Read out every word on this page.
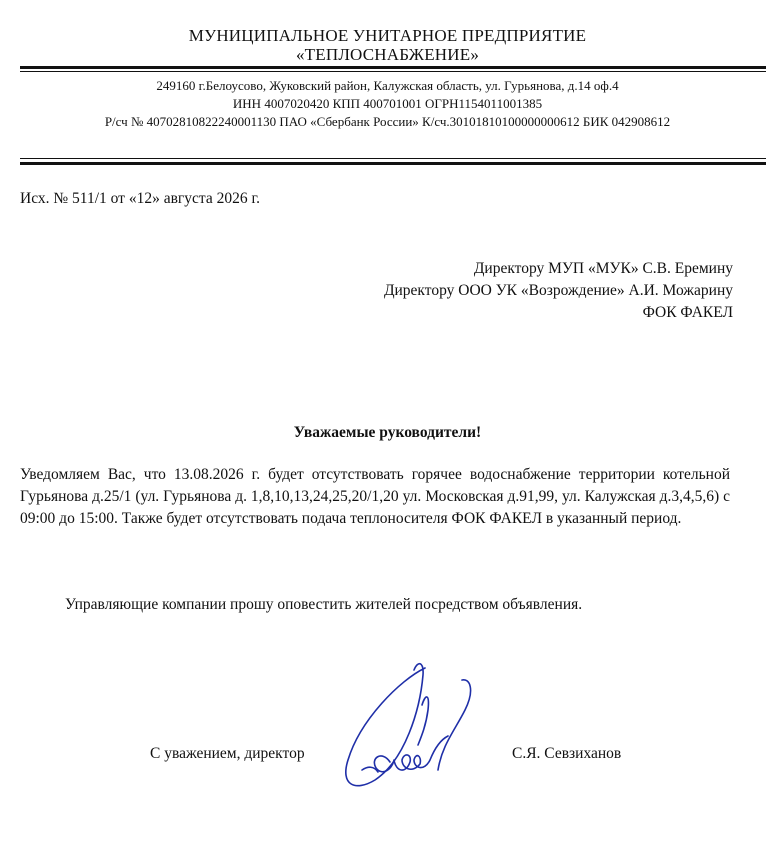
МУНИЦИПАЛЬНОЕ УНИТАРНОЕ ПРЕДПРИЯТИЕ
«ТЕПЛОСНАБЖЕНИЕ»
249160 г.Белоусово, Жуковский район, Калужская область, ул. Гурьянова, д.14 оф.4
ИНН 4007020420 КПП 400701001 ОГРН1154011001385
Р/сч № 40702810822240001130 ПАО «Сбербанк России» К/сч.30101810100000000612 БИК 042908612
Исх. № 511/1 от «12» августа 2026 г.
Директору МУП «МУК» С.В. Еремину
Директору ООО УК «Возрождение» А.И. Можарину
ФОК ФАКЕЛ
Уважаемые руководители!
Уведомляем Вас, что 13.08.2026 г. будет отсутствовать горячее водоснабжение территории котельной Гурьянова д.25/1 (ул. Гурьянова д. 1,8,10,13,24,25,20/1,20 ул. Московская д.91,99, ул. Калужская д.3,4,5,6) с 09:00 до 15:00. Также будет отсутствовать подача теплоносителя ФОК ФАКЕЛ в указанный период.
Управляющие компании прошу оповестить жителей посредством объявления.
С уважением, директор	С.Я. Севзиханов
